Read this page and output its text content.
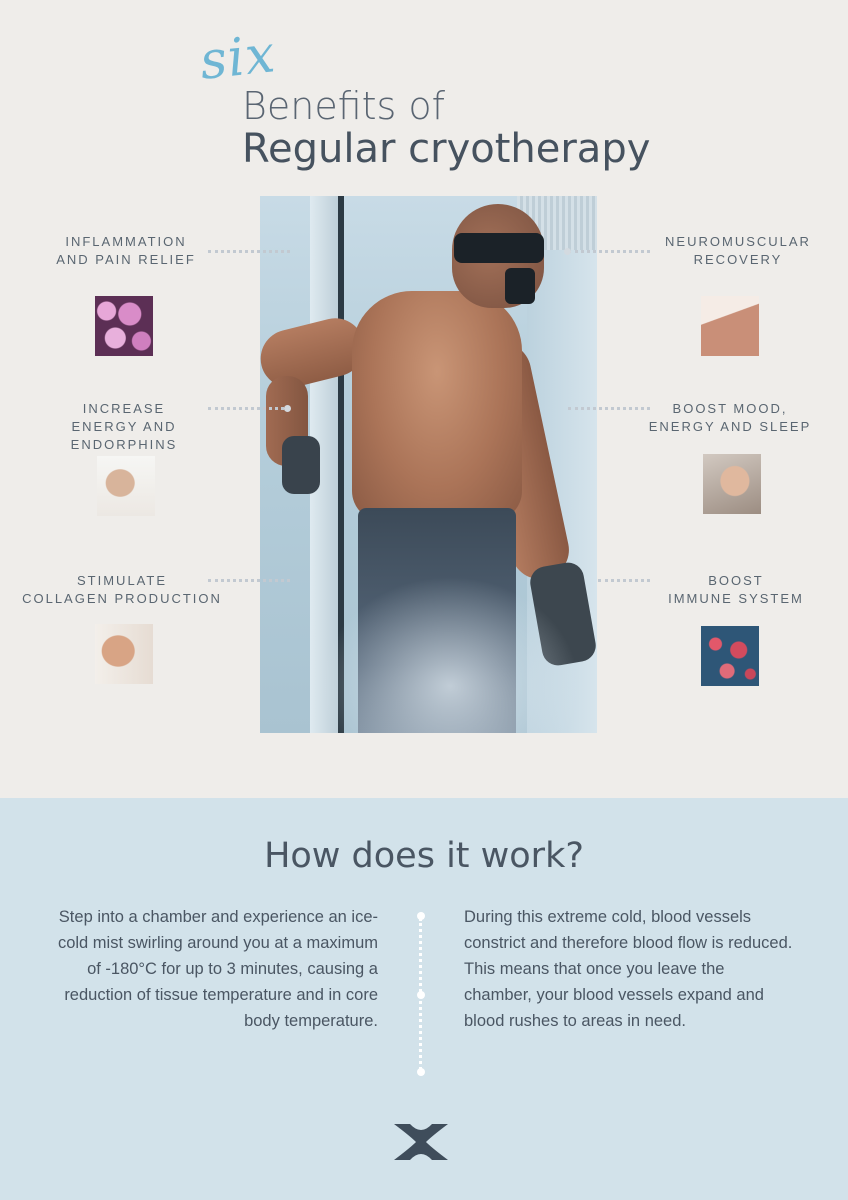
six
Benefits of
Regular cryotherapy
INFLAMMATION
AND PAIN RELIEF
INCREASE
ENERGY AND ENDORPHINS
STIMULATE
COLLAGEN PRODUCTION
NEUROMUSCULAR
RECOVERY
BOOST MOOD,
ENERGY AND SLEEP
BOOST
IMMUNE SYSTEM
How does it work?
Step into a chamber and experience an ice-cold mist swirling around you at a maximum of -180°C for up to 3 minutes, causing a reduction of tissue temperature and in core body temperature.
During this extreme cold, blood vessels constrict and therefore blood flow is reduced. This means that once you leave the chamber, your blood vessels expand and blood rushes to areas in need.
